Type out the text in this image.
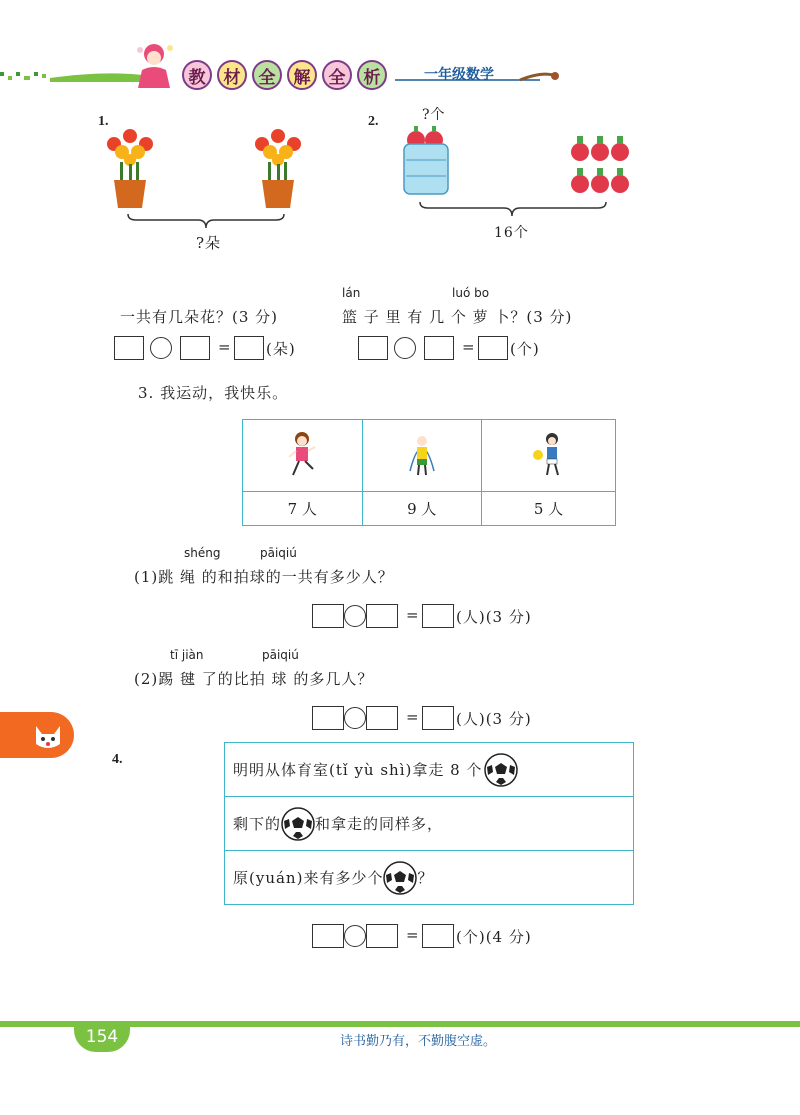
教	材	全	解	全	析	一年级数学
1.
?朵
2.	?个
16个
lán	luó bo
一共有几朵花？(3 分)	篮 子 里 有 几 个 萝 卜？(3 分)
= (朵)	= (个)
3. 我运动，我快乐。

7 人	9 人	5 人
shéng	pāiqiú
(1)跳 绳 的和拍球的一共有多少人？
= (人)(3 分)
tī jiàn	pāiqiú
(2)踢 毽 了的比拍 球 的多几人？
= (人)(3 分)
4.
明明从体育室(tǐ yù shì)拿走 8 个
剩下的 和拿走的同样多，
原(yuán)来有多少个 ？
= (个)(4 分)
154	诗书勤乃有，不勤腹空虚。
